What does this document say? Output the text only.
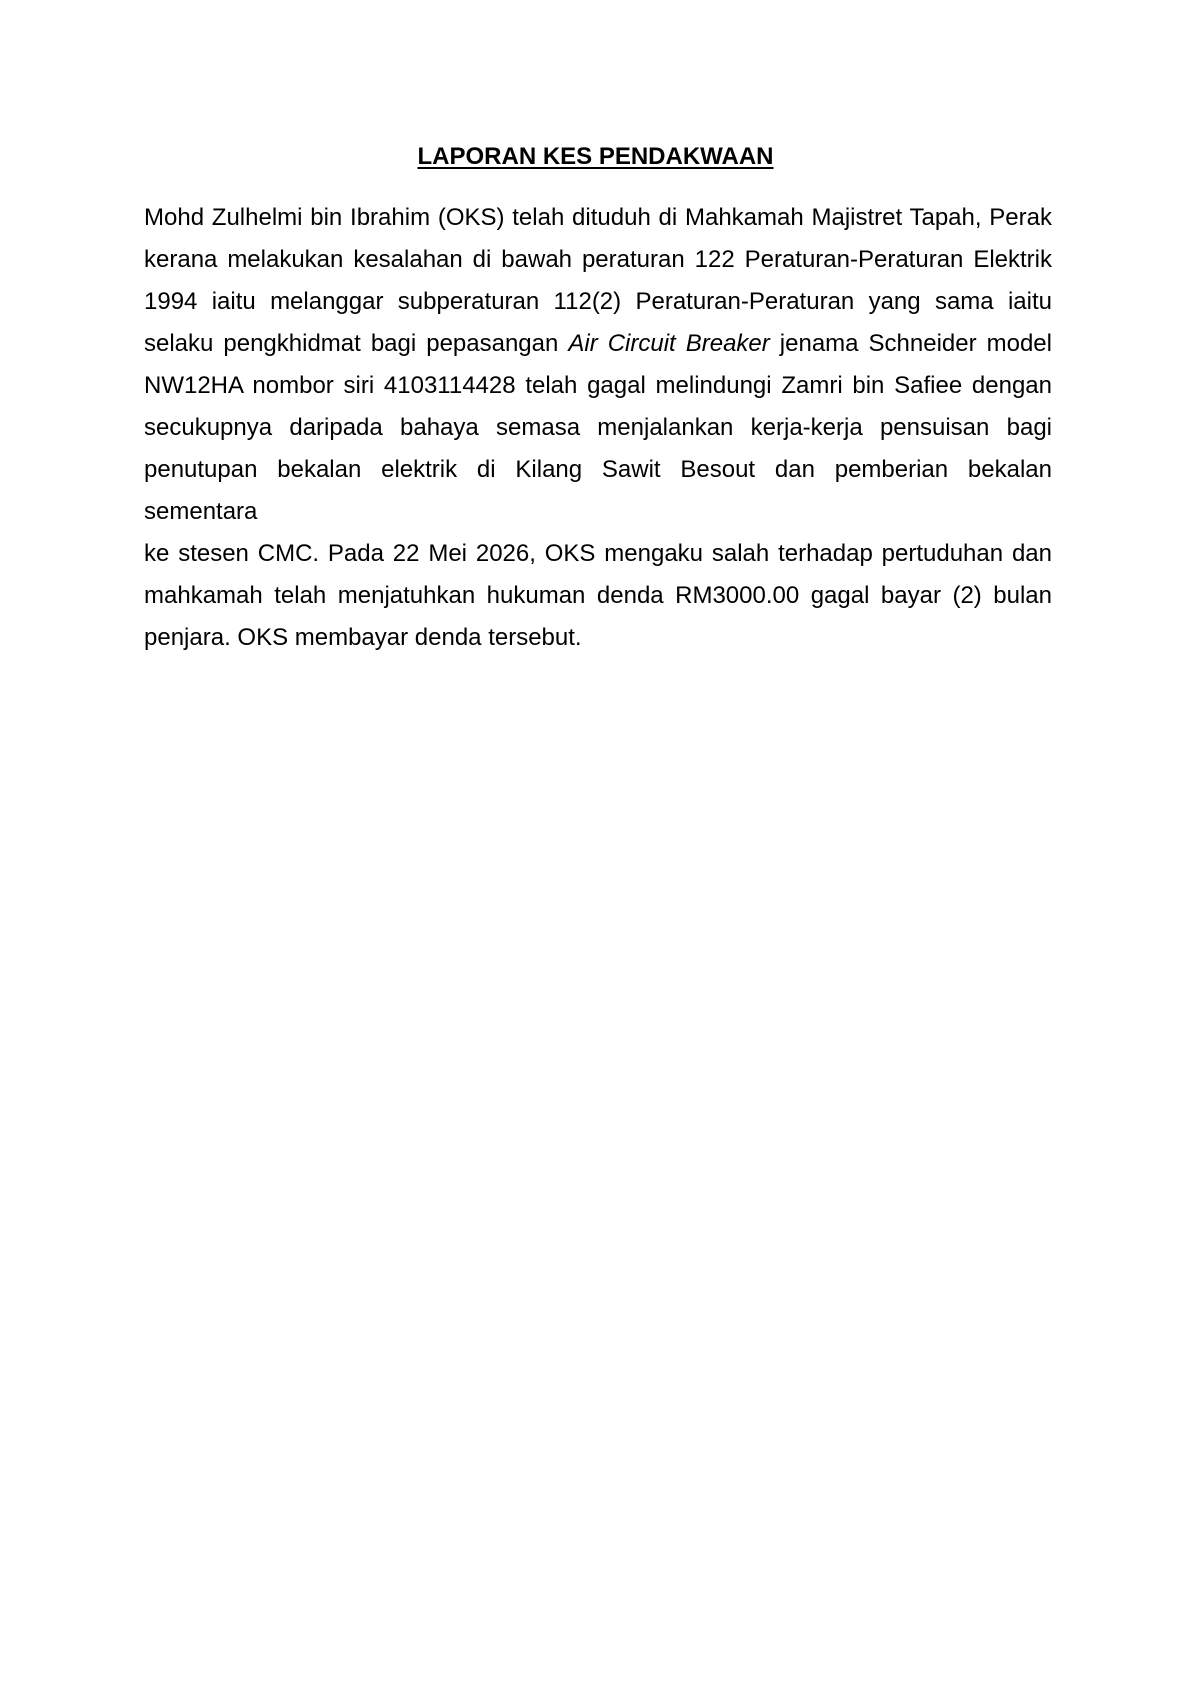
LAPORAN KES PENDAKWAAN
Mohd Zulhelmi bin Ibrahim (OKS) telah dituduh di Mahkamah Majistret Tapah, Perak
kerana melakukan kesalahan di bawah peraturan 122 Peraturan-Peraturan Elektrik
1994 iaitu melanggar subperaturan 112(2) Peraturan-Peraturan yang sama iaitu
selaku pengkhidmat bagi pepasangan Air Circuit Breaker jenama Schneider model
NW12HA nombor siri 4103114428 telah gagal melindungi Zamri bin Safiee dengan
secukupnya daripada bahaya semasa menjalankan kerja-kerja pensuisan bagi
penutupan bekalan elektrik di Kilang Sawit Besout dan pemberian bekalan sementara
ke stesen CMC. Pada 22 Mei 2026, OKS mengaku salah terhadap pertuduhan dan
mahkamah telah menjatuhkan hukuman denda RM3000.00 gagal bayar (2) bulan
penjara. OKS membayar denda tersebut.
